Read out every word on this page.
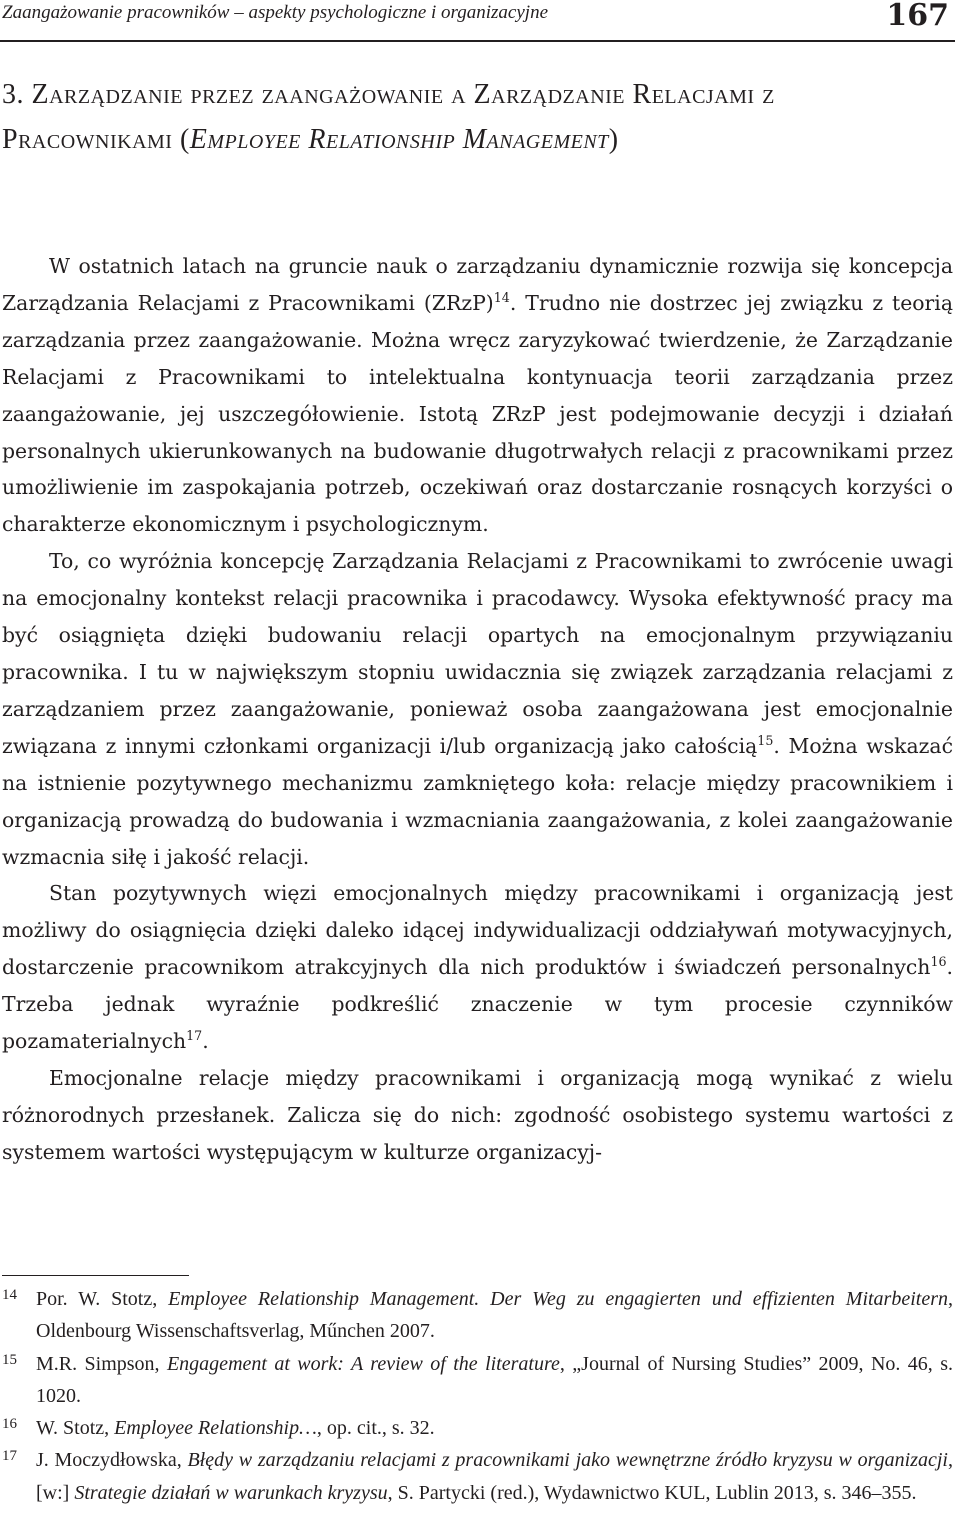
Zaangażowanie pracowników – aspekty psychologiczne i organizacyjne	167
3. Zarządzanie przez zaangażowanie a Zarządzanie Relacjami z Pracownikami (Employee Relationship Management)

W ostatnich latach na gruncie nauk o zarządzaniu dynamicznie rozwija się koncepcja Zarządzania Relacjami z Pracownikami (ZRzP)$^{14}$. Trudno nie dostrzec jej związku z teorią zarządzania przez zaangażowanie. Można wręcz zaryzykować twierdzenie, że Zarządzanie Relacjami z Pracownikami to intelektualna kontynuacja teorii zarządzania przez zaangażowanie, jej uszczegółowienie. Istotą ZRzP jest podejmowanie decyzji i działań personalnych ukierunkowanych na budowanie długotrwałych relacji z pracownikami przez umożliwienie im zaspokajania potrzeb, oczekiwań oraz dostarczanie rosnących korzyści o charakterze ekonomicznym i psychologicznym.

To, co wyróżnia koncepcję Zarządzania Relacjami z Pracownikami to zwrócenie uwagi na emocjonalny kontekst relacji pracownika i pracodawcy. Wysoka efektywność pracy ma być osiągnięta dzięki budowaniu relacji opartych na emocjonalnym przywiązaniu pracownika. I tu w największym stopniu uwidacznia się związek zarządzania relacjami z zarządzaniem przez zaangażowanie, ponieważ osoba zaangażowana jest emocjonalnie związana z innymi członkami organizacji i/lub organizacją jako całością$^{15}$. Można wskazać na istnienie pozytywnego mechanizmu zamkniętego koła: relacje między pracownikiem i organizacją prowadzą do budowania i wzmacniania zaangażowania, z kolei zaangażowanie wzmacnia siłę i jakość relacji.

Stan pozytywnych więzi emocjonalnych między pracownikami i organizacją jest możliwy do osiągnięcia dzięki daleko idącej indywidualizacji oddziaływań motywacyjnych, dostarczenie pracownikom atrakcyjnych dla nich produktów i świadczeń personalnych$^{16}$. Trzeba jednak wyraźnie podkreślić znaczenie w tym procesie czynników pozamaterialnych$^{17}$.

Emocjonalne relacje między pracownikami i organizacją mogą wynikać z wielu różnorodnych przesłanek. Zalicza się do nich: zgodność osobistego systemu wartości z systemem wartości występującym w kulturze organizacyj-

14 Por. W. Stotz, Employee Relationship Management. Der Weg zu engagierten und effizienten Mitarbeitern, Oldenbourg Wissenschaftsverlag, Műnchen 2007.
15 M.R. Simpson, Engagement at work: A review of the literature, „Journal of Nursing Studies” 2009, No. 46, s. 1020.
16 W. Stotz, Employee Relationship…, op. cit., s. 32.
17 J. Moczydłowska, Błędy w zarządzaniu relacjami z pracownikami jako wewnętrzne źródło kryzysu w organizacji, [w:] Strategie działań w warunkach kryzysu, S. Partycki (red.), Wydawnictwo KUL, Lublin 2013, s. 346–355.
